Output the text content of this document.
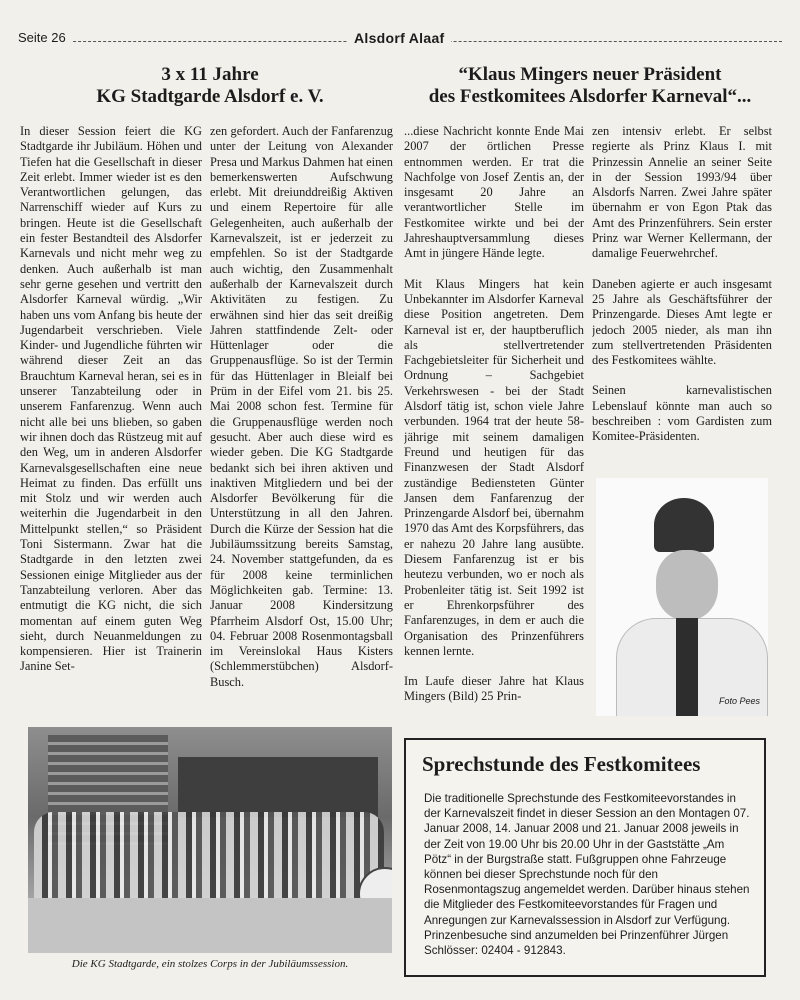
Seite 26	Alsdorf Alaaf
3 x 11 Jahre
KG Stadtgarde Alsdorf e. V.

In dieser Session feiert die KG Stadtgarde ihr Jubiläum. Höhen und Tiefen hat die Gesellschaft in dieser Zeit erlebt. Immer wieder ist es den Verantwortlichen gelungen, das Narrenschiff wieder auf Kurs zu bringen. Heute ist die Gesellschaft ein fester Bestandteil des Alsdorfer Karnevals und nicht mehr weg zu denken. Auch außerhalb ist man sehr gerne gesehen und vertritt den Alsdorfer Karneval würdig. „Wir haben uns vom Anfang bis heute der Jugendarbeit verschrieben. Viele Kinder- und Jugendliche führten wir während dieser Zeit an das Brauchtum Karneval heran, sei es in unserer Tanzabteilung oder in unserem Fanfarenzug. Wenn auch nicht alle bei uns blieben, so gaben wir ihnen doch das Rüstzeug mit auf den Weg, um in anderen Alsdorfer Karnevalsgesellschaften eine neue Heimat zu finden. Das erfüllt uns mit Stolz und wir werden auch weiterhin die Jugendarbeit in den Mittelpunkt stellen,“ so Präsident Toni Sistermann. Zwar hat die Stadtgarde in den letzten zwei Sessionen einige Mitglieder aus der Tanzabteilung verloren. Aber das entmutigt die KG nicht, die sich momentan auf einem guten Weg sieht, durch Neuanmeldungen zu kompensieren. Hier ist Trainerin Janine Set-

zen gefordert. Auch der Fanfarenzug unter der Leitung von Alexander Presa und Markus Dahmen hat einen bemerkenswerten Aufschwung erlebt. Mit dreiunddreißig Aktiven und einem Repertoire für alle Gelegenheiten, auch außerhalb der Karnevalszeit, ist er jederzeit zu empfehlen. So ist der Stadtgarde auch wichtig, den Zusammenhalt außerhalb der Karnevalszeit durch Aktivitäten zu festigen. Zu erwähnen sind hier das seit dreißig Jahren stattfindende Zelt- oder Hüttenlager oder die Gruppenausflüge. So ist der Termin für das Hüttenlager in Bleialf bei Prüm in der Eifel vom 21. bis 25. Mai 2008 schon fest. Termine für die Gruppenausflüge werden noch gesucht. Aber auch diese wird es wieder geben. Die KG Stadtgarde bedankt sich bei ihren aktiven und inaktiven Mitgliedern und bei der Alsdorfer Bevölkerung für die Unterstützung in all den Jahren. Durch die Kürze der Session hat die Jubiläumssitzung bereits Samstag, 24. November stattgefunden, da es für 2008 keine terminlichen Möglichkeiten gab. Termine: 13. Januar 2008 Kindersitzung Pfarrheim Alsdorf Ost, 15.00 Uhr; 04. Februar 2008 Rosenmontagsball im Vereinslokal Haus Kisters (Schlemmerstübchen) Alsdorf-Busch.

Die KG Stadtgarde, ein stolzes Corps in der Jubiläumssession.
“Klaus Mingers neuer Präsident
des Festkomitees Alsdorfer Karneval“...

...diese Nachricht konnte Ende Mai 2007 der örtlichen Presse entnommen werden. Er trat die Nachfolge von Josef Zentis an, der insgesamt 20 Jahre an verantwortlicher Stelle im Festkomitee wirkte und bei der Jahreshauptversammlung dieses Amt in jüngere Hände legte.

Mit Klaus Mingers hat kein Unbekannter im Alsdorfer Karneval diese Position angetreten. Dem Karneval ist er, der hauptberuflich als stellvertretender Fachgebietsleiter für Sicherheit und Ordnung – Sachgebiet Verkehrswesen - bei der Stadt Alsdorf tätig ist, schon viele Jahre verbunden. 1964 trat der heute 58-jährige mit seinem damaligen Freund und heutigen für das Finanzwesen der Stadt Alsdorf zuständige Bediensteten Günter Jansen dem Fanfarenzug der Prinzengarde Alsdorf bei, übernahm 1970 das Amt des Korpsführers, das er nahezu 20 Jahre lang ausübte. Diesem Fanfarenzug ist er bis heutezu verbunden, wo er noch als Probenleiter tätig ist. Seit 1992 ist er Ehrenkorpsführer des Fanfarenzuges, in dem er auch die Organisation des Prinzenführers kennen lernte.

Im Laufe dieser Jahre hat Klaus Mingers (Bild) 25 Prin-

zen intensiv erlebt. Er selbst regierte als Prinz Klaus I. mit Prinzessin Annelie an seiner Seite in der Session 1993/94 über Alsdorfs Narren. Zwei Jahre später übernahm er von Egon Ptak das Amt des Prinzenführers. Sein erster Prinz war Werner Kellermann, der damalige Feuerwehrchef.

Daneben agierte er auch insgesamt 25 Jahre als Geschäftsführer der Prinzengarde. Dieses Amt legte er jedoch 2005 nieder, als man ihn zum stellvertretenden Präsidenten des Festkomitees wählte.

Seinen karnevalistischen Lebenslauf könnte man auch so beschreiben : vom Gardisten zum Komitee-Präsidenten.

Foto Pees
Sprechstunde des Festkomitees
Die traditionelle Sprechstunde des Festkomiteevorstandes in der Karnevalszeit findet in dieser Session an den Montagen 07. Januar 2008, 14. Januar 2008 und 21. Januar 2008 jeweils in der Zeit von 19.00 Uhr bis 20.00 Uhr in der Gaststätte „Am Pötz“ in der Burgstraße statt. Fußgruppen ohne Fahrzeuge können bei dieser Sprechstunde noch für den Rosenmontagszug angemeldet werden. Darüber hinaus stehen die Mitglieder des Festkomiteevorstandes für Fragen und Anregungen zur Karnevalssession in Alsdorf zur Verfügung. Prinzenbesuche sind anzumelden bei Prinzenführer Jürgen Schlösser: 02404 - 912843.
